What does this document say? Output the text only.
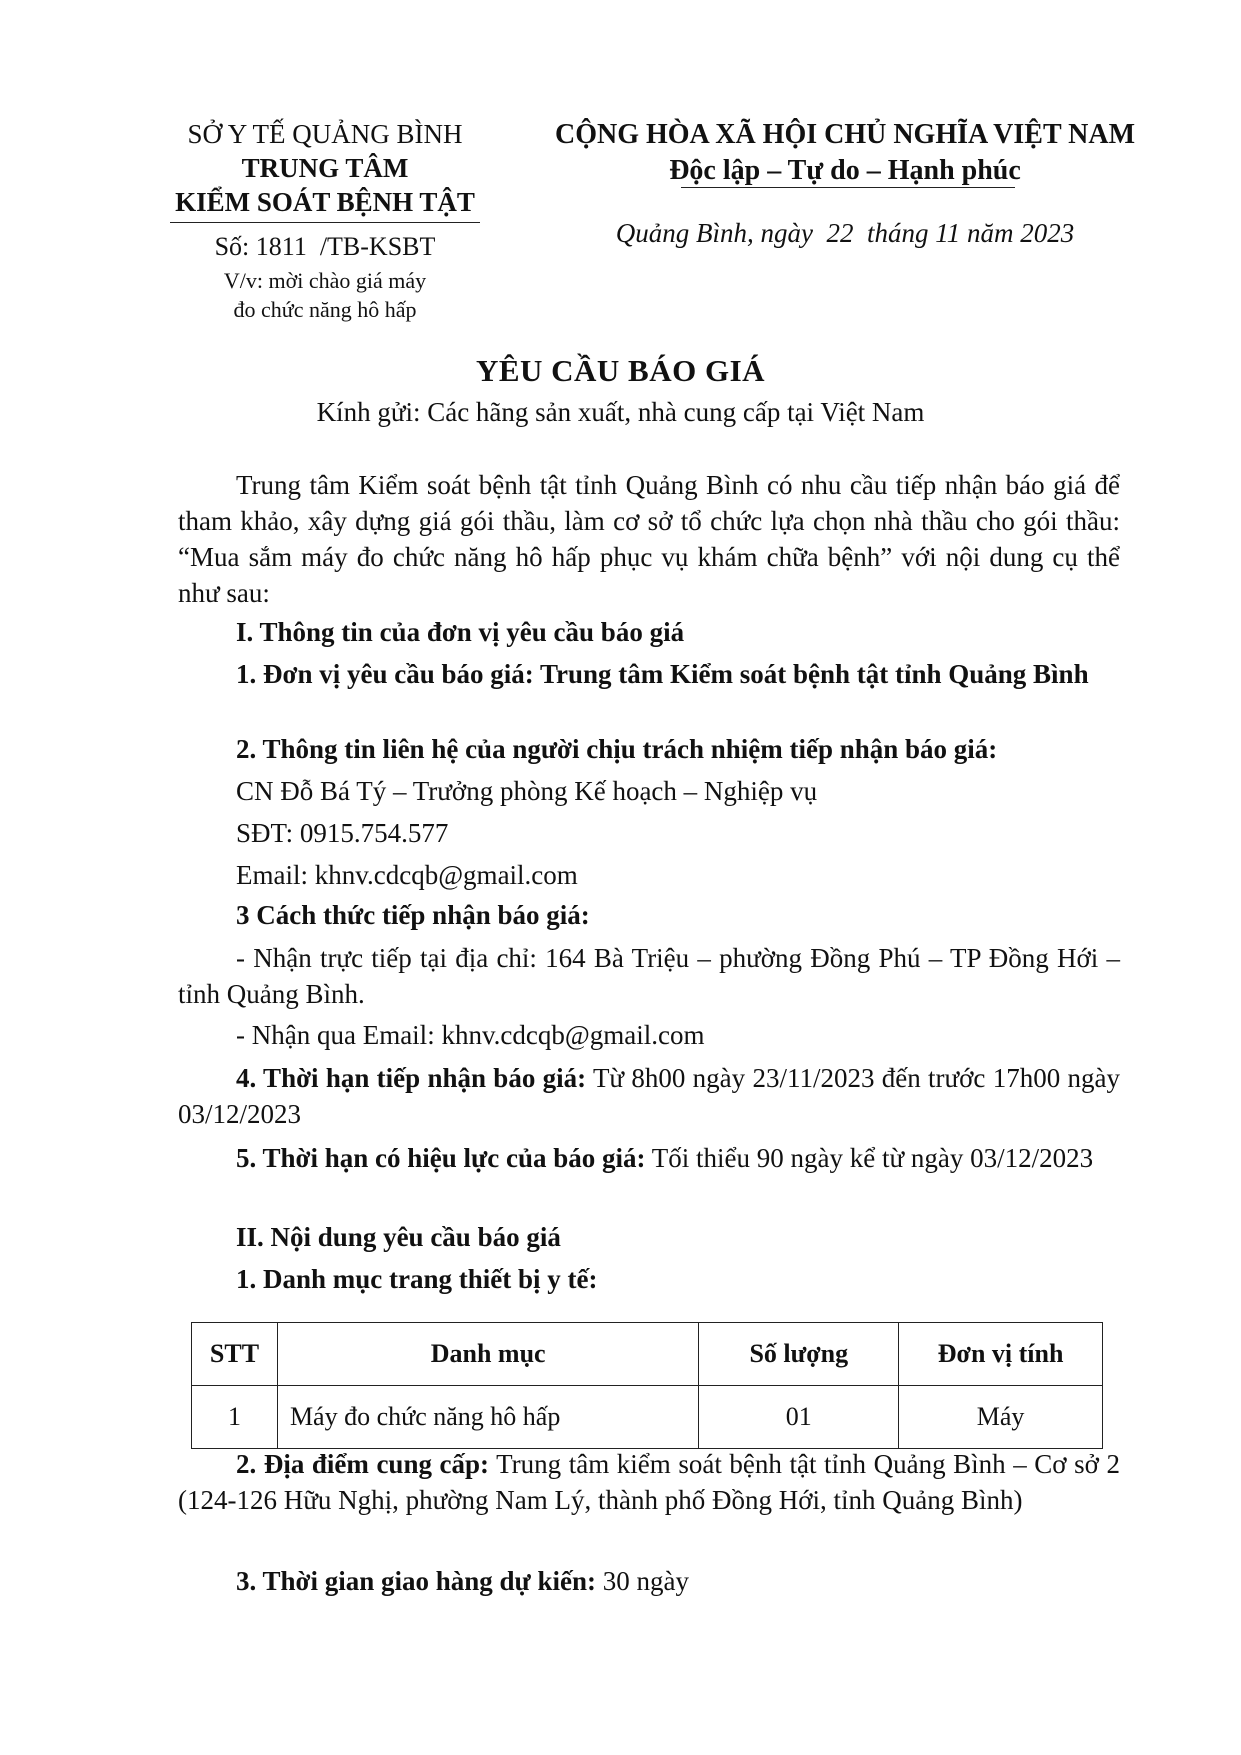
SỞ Y TẾ QUẢNG BÌNH
TRUNG TÂM
KIỂM SOÁT BỆNH TẬT
Số: 1811 /TB-KSBT
V/v: mời chào giá máy
đo chức năng hô hấp
CỘNG HÒA XÃ HỘI CHỦ NGHĨA VIỆT NAM
Độc lập – Tự do – Hạnh phúc
Quảng Bình, ngày 22 tháng 11 năm 2023
YÊU CẦU BÁO GIÁ
Kính gửi: Các hãng sản xuất, nhà cung cấp tại Việt Nam
Trung tâm Kiểm soát bệnh tật tỉnh Quảng Bình có nhu cầu tiếp nhận báo giá để tham khảo, xây dựng giá gói thầu, làm cơ sở tổ chức lựa chọn nhà thầu cho gói thầu: “Mua sắm máy đo chức năng hô hấp phục vụ khám chữa bệnh” với nội dung cụ thể như sau:
I. Thông tin của đơn vị yêu cầu báo giá
1. Đơn vị yêu cầu báo giá: Trung tâm Kiểm soát bệnh tật tỉnh Quảng Bình
2. Thông tin liên hệ của người chịu trách nhiệm tiếp nhận báo giá:
CN Đỗ Bá Tý – Trưởng phòng Kế hoạch – Nghiệp vụ
SĐT: 0915.754.577
Email: khnv.cdcqb@gmail.com
3 Cách thức tiếp nhận báo giá:
- Nhận trực tiếp tại địa chỉ: 164 Bà Triệu – phường Đồng Phú – TP Đồng Hới – tỉnh Quảng Bình.
- Nhận qua Email: khnv.cdcqb@gmail.com
4. Thời hạn tiếp nhận báo giá: Từ 8h00 ngày 23/11/2023 đến trước 17h00 ngày 03/12/2023
5. Thời hạn có hiệu lực của báo giá: Tối thiểu 90 ngày kể từ ngày 03/12/2023
II. Nội dung yêu cầu báo giá
1. Danh mục trang thiết bị y tế:
STT	Danh mục	Số lượng	Đơn vị tính
1	Máy đo chức năng hô hấp	01	Máy
2. Địa điểm cung cấp: Trung tâm kiểm soát bệnh tật tỉnh Quảng Bình – Cơ sở 2 (124-126 Hữu Nghị, phường Nam Lý, thành phố Đồng Hới, tỉnh Quảng Bình)
3. Thời gian giao hàng dự kiến: 30 ngày
